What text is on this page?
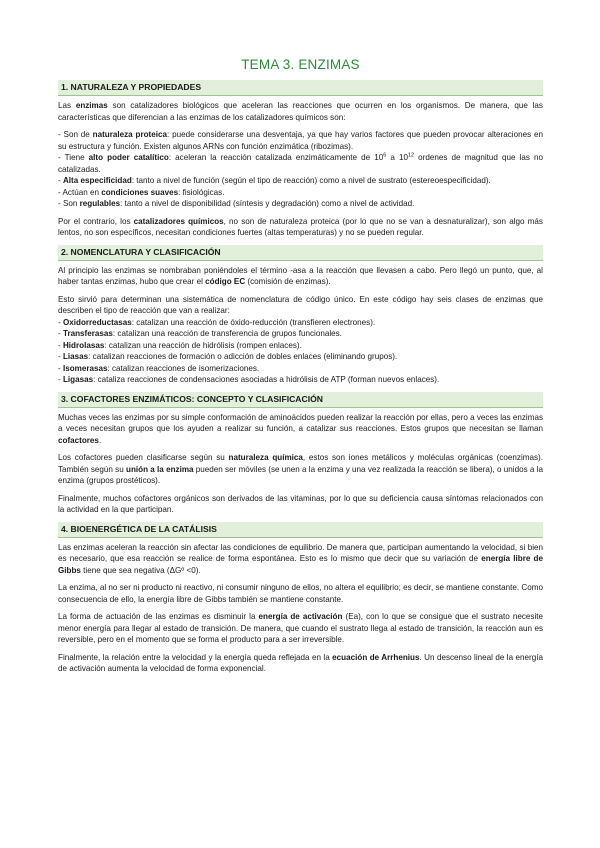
TEMA 3. ENZIMAS
1. NATURALEZA Y PROPIEDADES

Las enzimas son catalizadores biológicos que aceleran las reacciones que ocurren en los organismos. De manera, que las características que diferencian a las enzimas de los catalizadores químicos son:

- Son de naturaleza proteica: puede considerarse una desventaja, ya que hay varios factores que pueden provocar alteraciones en su estructura y función. Existen algunos ARNs con función enzimática (ribozimas).
- Tiene alto poder catalítico: aceleran la reacción catalizada enzimáticamente de $10^6$ a $10^{12}$ ordenes de magnitud que las no catalizadas.
- Alta especificidad: tanto a nivel de función (según el tipo de reacción) como a nivel de sustrato (estereoespecificidad).
- Actúan en condiciones suaves: fisiológicas.
- Son regulables: tanto a nivel de disponibilidad (síntesis y degradación) como a nivel de actividad.

Por el contrario, los catalizadores químicos, no son de naturaleza proteica (por lo que no se van a desnaturalizar), son algo más lentos, no son específicos, necesitan condiciones fuertes (altas temperaturas) y no se pueden regular.

2. NOMENCLATURA Y CLASIFICACIÓN

Al principio las enzimas se nombraban poniéndoles el término -asa a la reacción que llevasen a cabo. Pero llegó un punto, que, al haber tantas enzimas, hubo que crear el código EC (comisión de enzimas).

Esto sirvió para determinan una sistemática de nomenclatura de código único. En este código hay seis clases de enzimas que describen el tipo de reacción que van a realizar:
- Oxidorreductasas: catalizan una reacción de óxido-reducción (transfieren electrones).
- Transferasas: catalizan una reacción de transferencia de grupos funcionales.
- Hidrolasas: catalizan una reacción de hidrólisis (rompen enlaces).
- Liasas: catalizan reacciones de formación o adicción de dobles enlaces (eliminando grupos).
- Isomerasas: catalizan reacciones de isomerizaciones.
- Ligasas: cataliza reacciones de condensaciones asociadas a hidrólisis de ATP (forman nuevos enlaces).
3. COFACTORES ENZIMÁTICOS: CONCEPTO Y CLASIFICACIÓN

Muchas veces las enzimas por su simple conformación de aminoácidos pueden realizar la reacción por ellas, pero a veces las enzimas a veces necesitan grupos que los ayuden a realizar su función, a catalizar sus reacciones. Estos grupos que necesitan se llaman cofactores.

Los cofactores pueden clasificarse según su naturaleza química, estos son iones metálicos y moléculas orgánicas (coenzimas). También según su unión a la enzima pueden ser móviles (se unen a la enzima y una vez realizada la reacción se libera), o unidos a la enzima (grupos prostéticos).

Finalmente, muchos cofactores orgánicos son derivados de las vitaminas, por lo que su deficiencia causa síntomas relacionados con la actividad en la que participan.

4. BIOENERGÉTICA DE LA CATÁLISIS

Las enzimas aceleran la reacción sin afectar las condiciones de equilibrio. De manera que, participan aumentando la velocidad, si bien es necesario, que esa reacción se realice de forma espontánea. Esto es lo mismo que decir que su variación de energía libre de Gibbs tiene que sea negativa (ΔGº <0).

La enzima, al no ser ni producto ni reactivo, ni consumir ninguno de ellos, no altera el equilibrio; es decir, se mantiene constante. Como consecuencia de ello, la energía libre de Gibbs también se mantiene constante.

La forma de actuación de las enzimas es disminuir la energía de activación (Ea), con lo que se consigue que el sustrato necesite menor energía para llegar al estado de transición. De manera, que cuando el sustrato llega al estado de transición, la reacción aun es reversible, pero en el momento que se forma el producto para a ser irreversible.

Finalmente, la relación entre la velocidad y la energía queda reflejada en la ecuación de Arrhenius. Un descenso lineal de la energía de activación aumenta la velocidad de forma exponencial.
